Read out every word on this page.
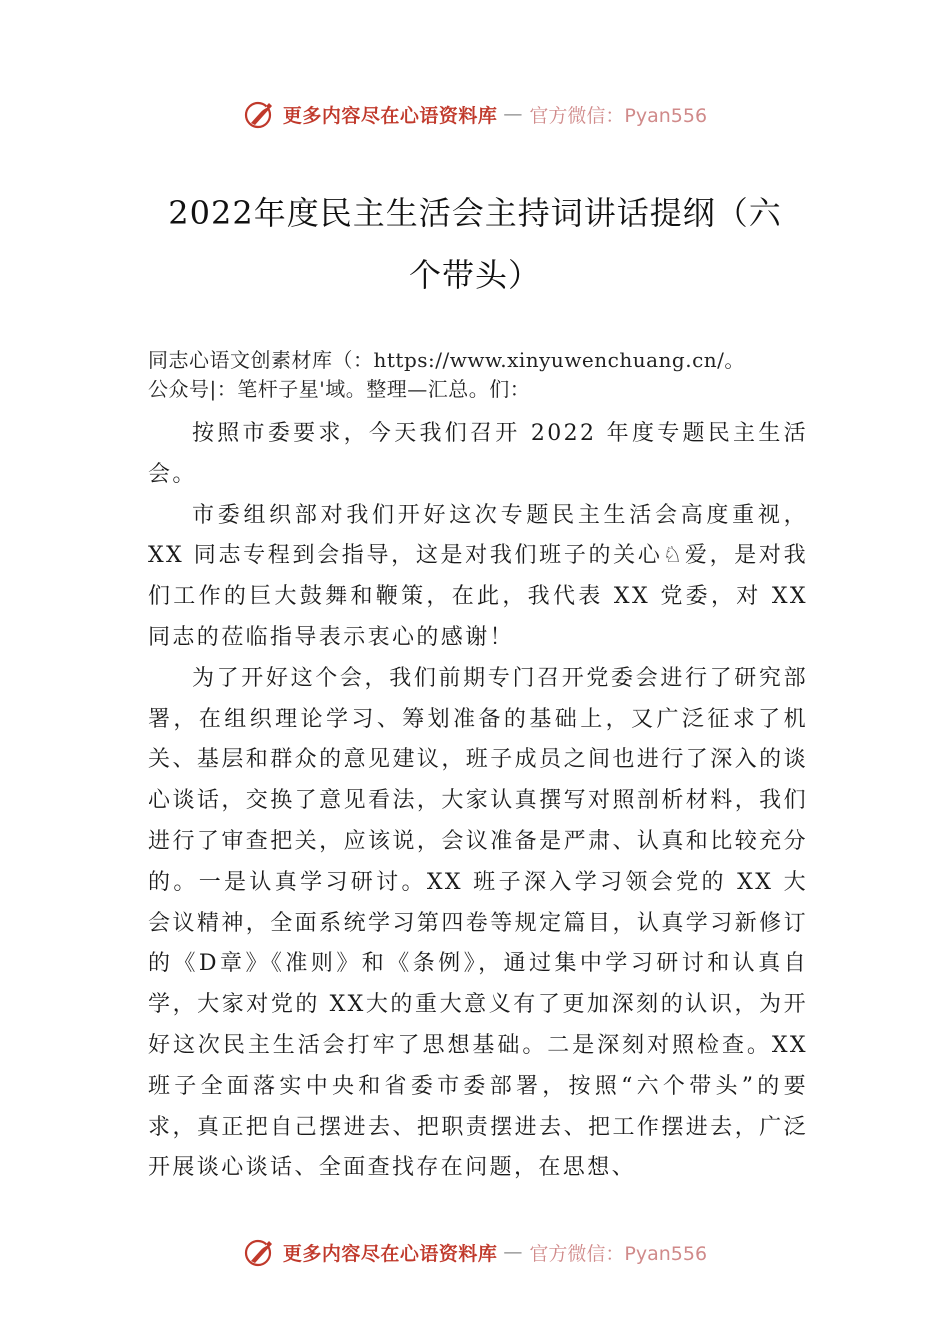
更多内容尽在心语资料库 — 官方微信：Pyan556
2022年度民主生活会主持词讲话提纲（六
个带头）
同志心语文创素材库（：https://www.xinyuwenchuang.cn/。
公众号|：笔杆子星'域。整理—汇总。们：

按照市委要求，今天我们召开 2022 年度专题民主生活会。

市委组织部对我们开好这次专题民主生活会高度重视，XX 同志专程到会指导，这是对我们班子的关心♘爱，是对我们工作的巨大鼓舞和鞭策，在此，我代表 XX 党委，对 XX 同志的莅临指导表示衷心的感谢！

为了开好这个会，我们前期专门召开党委会进行了研究部署，在组织理论学习、筹划准备的基础上，又广泛征求了机关、基层和群众的意见建议，班子成员之间也进行了深入的谈心谈话，交换了意见看法，大家认真撰写对照剖析材料，我们进行了审查把关，应该说，会议准备是严肃、认真和比较充分的。一是认真学习研讨。XX 班子深入学习领会党的 XX 大会议精神，全面系统学习第四卷等规定篇目，认真学习新修订的《D章》《准则》和《条例》，通过集中学习研讨和认真自学，大家对党的 XX大的重大意义有了更加深刻的认识，为开好这次民主生活会打牢了思想基础。二是深刻对照检查。XX 班子全面落实中央和省委市委部署，按照“六个带头”的要求，真正把自己摆进去、把职责摆进去、把工作摆进去，广泛开展谈心谈话、全面查找存在问题，在思想、

更多内容尽在心语资料库 — 官方微信：Pyan556
